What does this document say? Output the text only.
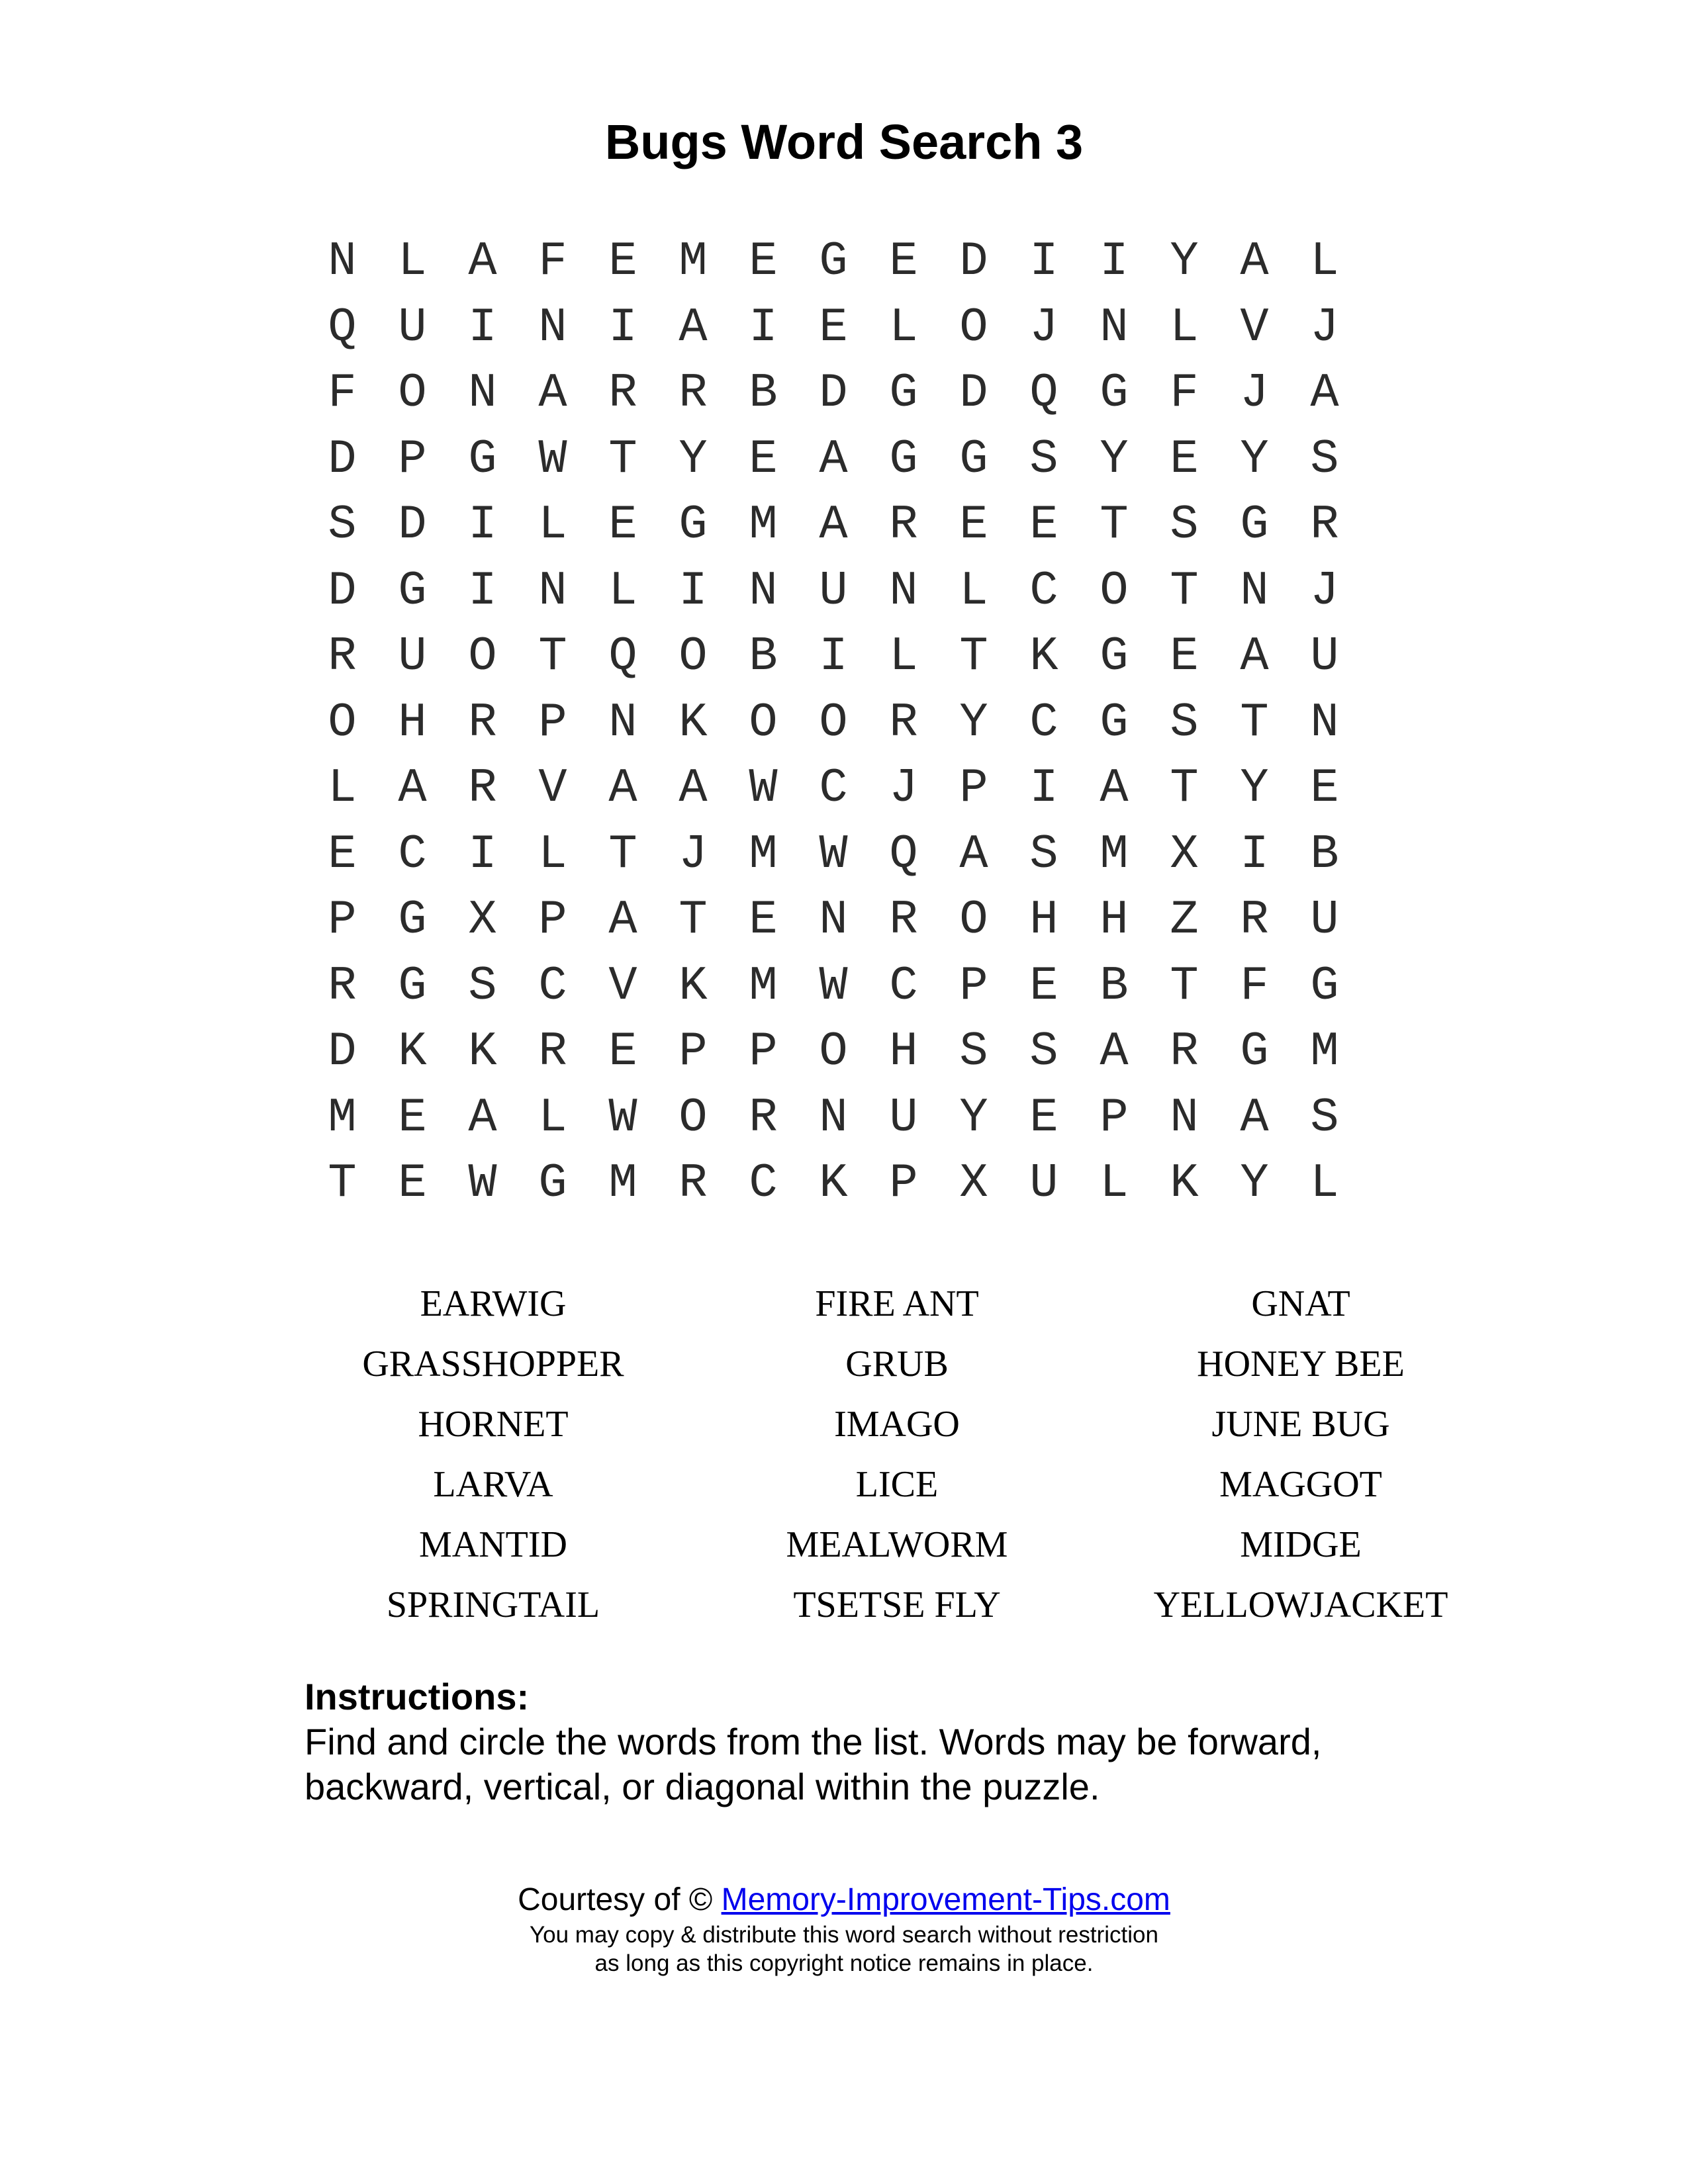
Bugs Word Search 3
N L A F E M E G E D I I Y A L
Q U I N I A I E L O J N L V J
F O N A R R B D G D Q G F J A
D P G W T Y E A G G S Y E Y S
S D I L E G M A R E E T S G R
D G I N L I N U N L C O T N J
R U O T Q O B I L T K G E A U
O H R P N K O O R Y C G S T N
L A R V A A W C J P I A T Y E
E C I L T J M W Q A S M X I B
P G X P A T E N R O H H Z R U
R G S C V K M W C P E B T F G
D K K R E P P O H S S A R G M
M E A L W O R N U Y E P N A S
T E W G M R C K P X U L K Y L
EARWIG	FIRE ANT	GNAT
GRASSHOPPER	GRUB	HONEY BEE
HORNET	IMAGO	JUNE BUG
LARVA	LICE	MAGGOT
MANTID	MEALWORM	MIDGE
SPRINGTAIL	TSETSE FLY	YELLOWJACKET
Instructions:
Find and circle the words from the list. Words may be forward,
backward, vertical, or diagonal within the puzzle.
Courtesy of © Memory-Improvement-Tips.com
You may copy & distribute this word search without restriction
as long as this copyright notice remains in place.
